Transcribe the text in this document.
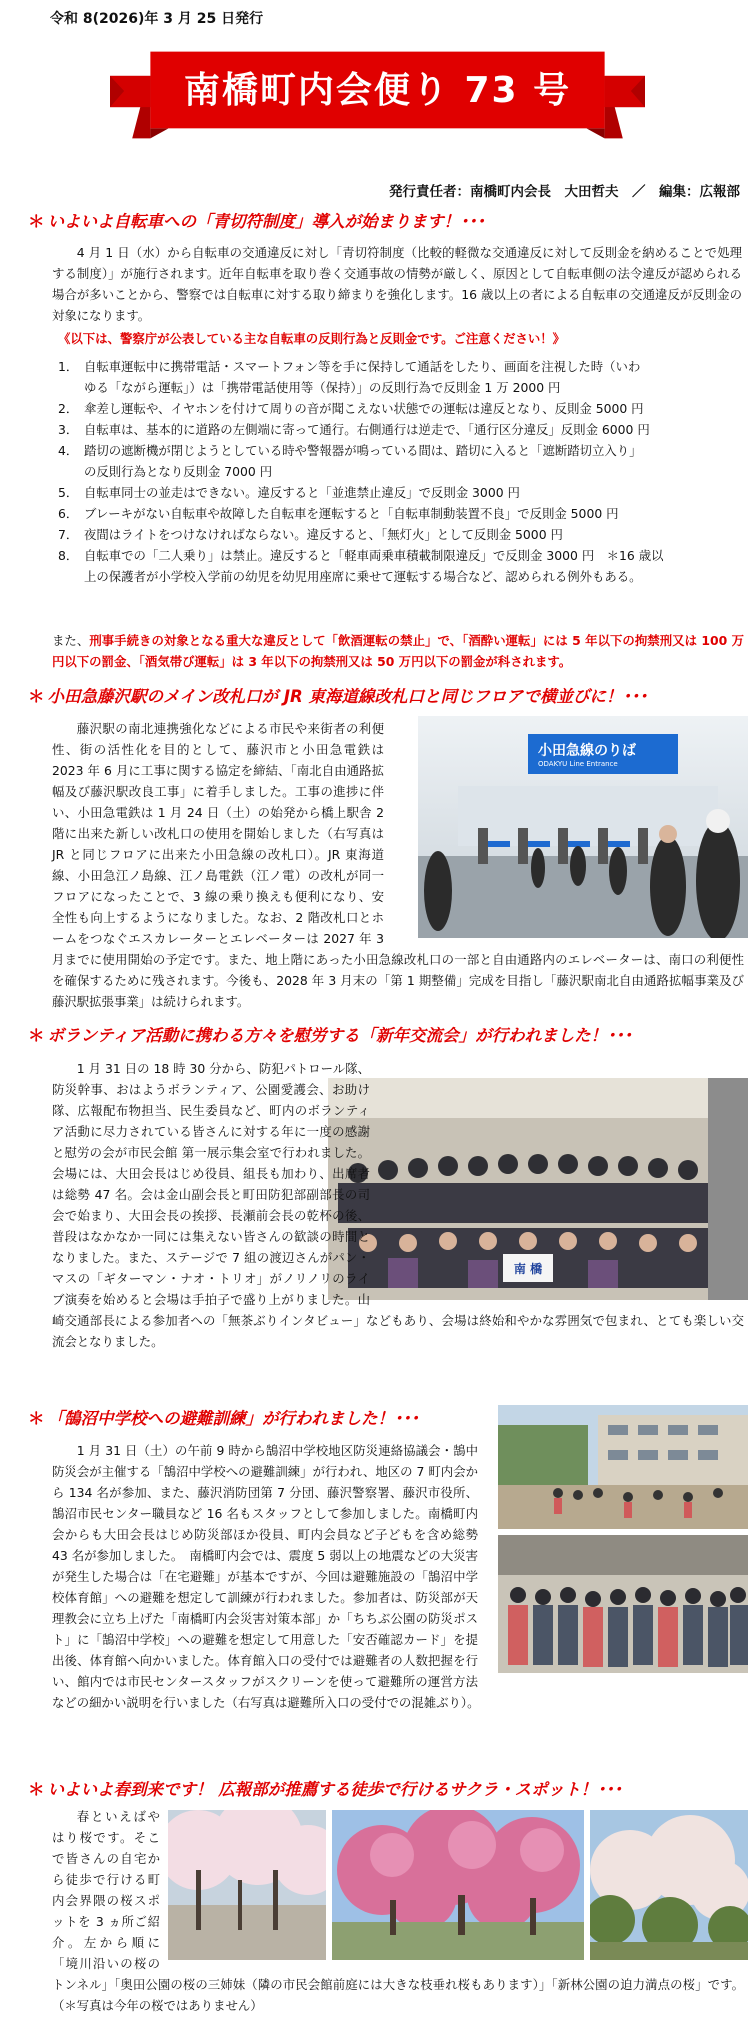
令和 8(2026)年 3 月 25 日発行
南橋町内会便り 73 号
発行責任者：南橋町内会長　大田哲夫　／　編集：広報部
＊ いよいよ自転車への「青切符制度」導入が始まります！･･･
4 月 1 日（水）から自転車の交通違反に対し「青切符制度（比較的軽微な交通違反に対して反則金を納めることで処理する制度）」が施行されます。近年自転車を取り巻く交通事故の情勢が厳しく、原因として自転車側の法令違反が認められる場合が多いことから、警察では自転車に対する取り締まりを強化します。16 歳以上の者による自転車の交通違反が反則金の対象になります。
《以下は、警察庁が公表している主な自転車の反則行為と反則金です。ご注意ください！》
1． 自転車運転中に携帯電話・スマートフォン等を手に保持して通話をしたり、画面を注視した時（いわ
ゆる「ながら運転」）は「携帯電話使用等（保持）」の反則行為で反則金 1 万 2000 円
2． 傘差し運転や、イヤホンを付けて周りの音が聞こえない状態での運転は違反となり、反則金 5000 円
3． 自転車は、基本的に道路の左側端に寄って通行。右側通行は逆走で、「通行区分違反」反則金 6000 円
4． 踏切の遮断機が閉じようとしている時や警報器が鳴っている間は、踏切に入ると「遮断踏切立入り」
の反則行為となり反則金 7000 円
5． 自転車同士の並走はできない。違反すると「並進禁止違反」で反則金 3000 円
6． ブレーキがない自転車や故障した自転車を運転すると「自転車制動装置不良」で反則金 5000 円
7． 夜間はライトをつけなければならない。違反すると、「無灯火」として反則金 5000 円
8． 自転車での「二人乗り」は禁止。違反すると「軽車両乗車積載制限違反」で反則金 3000 円　＊16 歳以
上の保護者が小学校入学前の幼児を幼児用座席に乗せて運転する場合など、認められる例外もある。
また、刑事手続きの対象となる重大な違反として「飲酒運転の禁止」で、「酒酔い運転」には 5 年以下の拘禁刑又は 100 万円以下の罰金、「酒気帯び運転」は 3 年以下の拘禁刑又は 50 万円以下の罰金が科されます。
＊ 小田急藤沢駅のメイン改札口が JR 東海道線改札口と同じフロアで横並びに！･･･
小田急線のりば
ODAKYU Line Entrance

藤沢駅の南北連携強化などによる市民や来街者の利便性、街の活性化を目的として、藤沢市と小田急電鉄は 2023 年 6 月に工事に関する協定を締結、「南北自由通路拡幅及び藤沢駅改良工事」に着手しました。工事の進捗に伴い、小田急電鉄は 1 月 24 日（土）の始発から橋上駅舎 2 階に出来た新しい改札口の使用を開始しました（右写真は JR と同じフロアに出来た小田急線の改札口）。JR 東海道線、小田急江ノ島線、江ノ島電鉄（江ノ電）の改札が同一フロアになったことで、3 線の乗り換えも便利になり、安全性も向上するようになりました。なお、2 階改札口とホームをつなぐエスカレーターとエレベーターは 2027 年 3 月までに使用開始の予定です。また、地上階にあった小田急線改札口の一部と自由通路内のエレベーターは、南口の利便性を確保するために残されます。今後も、2028 年 3 月末の「第 1 期整備」完成を目指し「藤沢駅南北自由通路拡幅事業及び藤沢駅拡張事業」は続けられます。

＊ ボランティア活動に携わる方々を慰労する「新年交流会」が行われました！･･･
南 橋

1 月 31 日の 18 時 30 分から、防犯パトロール隊、防災幹事、おはようボランティア、公園愛護会、お助け隊、広報配布物担当、民生委員など、町内のボランティア活動に尽力されている皆さんに対する年に一度の感謝と慰労の会が市民会館 第一展示集会室で行われました。会場には、大田会長はじめ役員、組長も加わり、出席者は総勢 47 名。会は金山副会長と町田防犯部副部長の司会で始まり、大田会長の挨拶、長瀬前会長の乾杯の後、普段はなかなか一同には集えない皆さんの歓談の時間となりました。また、ステージで 7 組の渡辺さんがパン・マスの「ギターマン・ナオ・トリオ」がノリノリのライブ演奏を始めると会場は手拍子で盛り上がりました。山崎交通部長による参加者への「無茶ぶりインタビュー」などもあり、会場は終始和やかな雰囲気で包まれ、とても楽しい交流会となりました。

＊ 「鵠沼中学校への避難訓練」が行われました！･･･

1 月 31 日（土）の午前 9 時から鵠沼中学校地区防災連絡協議会・鵠中防災会が主催する「鵠沼中学校への避難訓練」が行われ、地区の 7 町内会から 134 名が参加、また、藤沢消防団第 7 分団、藤沢警察署、藤沢市役所、鵠沼市民センター職員など 16 名もスタッフとして参加しました。南橋町内会からも大田会長はじめ防災部ほか役員、町内会員など子どもを含め総勢 43 名が参加しました。　南橋町内会では、震度 5 弱以上の地震などの大災害が発生した場合は「在宅避難」が基本ですが、今回は避難施設の「鵠沼中学校体育館」への避難を想定して訓練が行われました。参加者は、防災部が天理教会に立ち上げた「南橋町内会災害対策本部」か「ちちぶ公園の防災ポスト」に「鵠沼中学校」への避難を想定して用意した「安否確認カード」を提出後、体育館へ向かいました。体育館入口の受付では避難者の人数把握を行い、館内では市民センタースタッフがスクリーンを使って避難所の運営方法などの細かい説明を行いました（右写真は避難所入口の受付での混雑ぶり）。

＊ いよいよ春到来です！ 広報部が推薦する徒歩で行けるサクラ・スポット！･･･

春といえばやはり桜です。そこで皆さんの自宅から徒歩で行ける町内会界隈の桜スポットを 3 ヵ所ご紹介。左から順に「境川沿いの桜のトンネル」「奥田公園の桜の三姉妹（隣の市民会館前庭には大きな枝垂れ桜もあります）」「新林公園の迫力満点の桜」です。（＊写真は今年の桜ではありません）
